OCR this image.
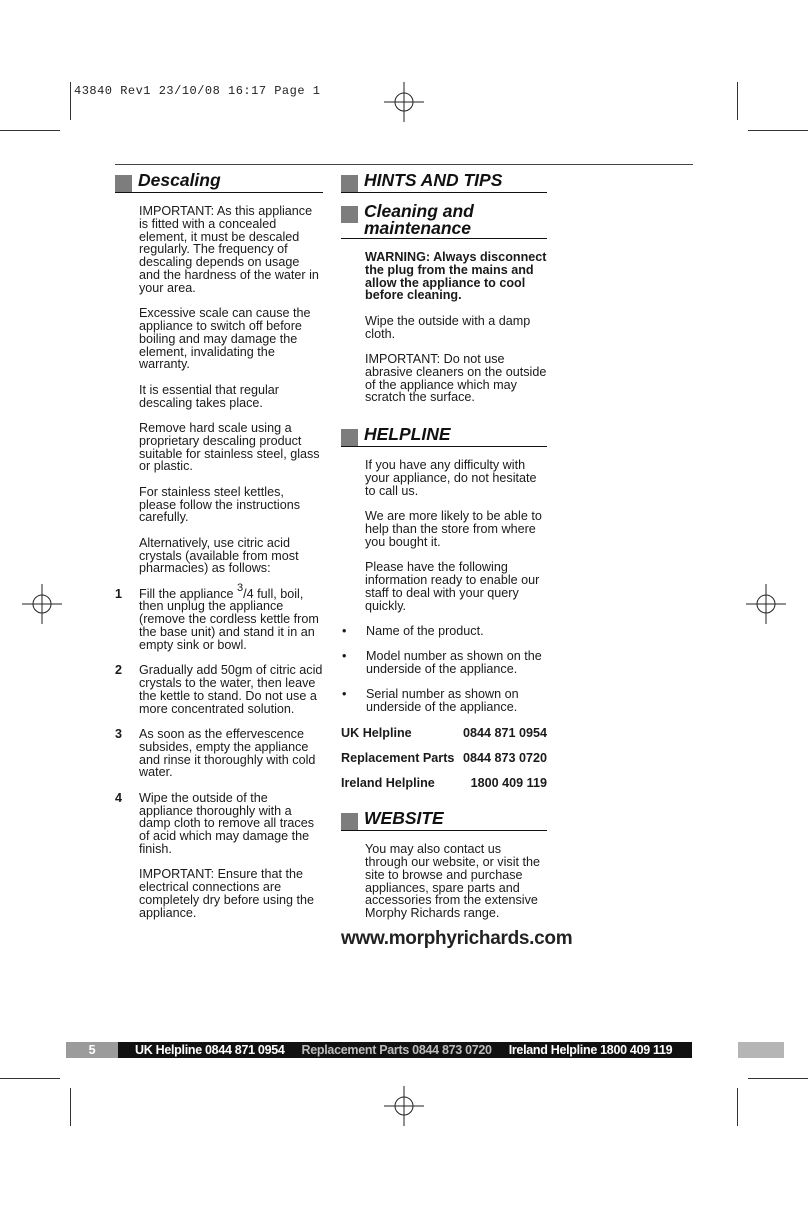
43840 Rev1 23/10/08 16:17 Page 1
Descaling

IMPORTANT: As this appliance is fitted with a concealed element, it must be descaled regularly. The frequency of descaling depends on usage and the hardness of the water in your area.

Excessive scale can cause the appliance to switch off before boiling and may damage the element, invalidating the warranty.

It is essential that regular descaling takes place.

Remove hard scale using a proprietary descaling product suitable for stainless steel, glass or plastic.

For stainless steel kettles, please follow the instructions carefully.

Alternatively, use citric acid crystals (available from most pharmacies) as follows:

1	Fill the appliance $^3$/4 full, boil, then unplug the appliance (remove the cordless kettle from the base unit) and stand it in an empty sink or bowl.
2	Gradually add 50gm of citric acid crystals to the water, then leave the kettle to stand. Do not use a more concentrated solution.
3	As soon as the effervescence subsides, empty the appliance and rinse it thoroughly with cold water.
4	Wipe the outside of the appliance thoroughly with a damp cloth to remove all traces of acid which may damage the finish.

IMPORTANT: Ensure that the electrical connections are completely dry before using the appliance.

HINTS AND TIPS
Cleaning and maintenance

WARNING: Always disconnect the plug from the mains and allow the appliance to cool before cleaning.

Wipe the outside with a damp cloth.

IMPORTANT: Do not use abrasive cleaners on the outside of the appliance which may scratch the surface.

HELPLINE

If you have any difficulty with your appliance, do not hesitate to call us.

We are more likely to be able to help than the store from where you bought it.

Please have the following information ready to enable our staff to deal with your query quickly.

•	Name of the product.
•	Model number as shown on the underside of the appliance.
•	Serial number as shown on underside of the appliance.
UK Helpline	0844 871 0954
Replacement Parts 0844 873 0720
Ireland Helpline	1800 409 119
WEBSITE

You may also contact us through our website, or visit the site to browse and purchase appliances, spare parts and accessories from the extensive Morphy Richards range.

www.morphyrichards.com
5	UK Helpline 0844 871 0954 Replacement Parts 0844 873 0720 Ireland Helpline 1800 409 119
